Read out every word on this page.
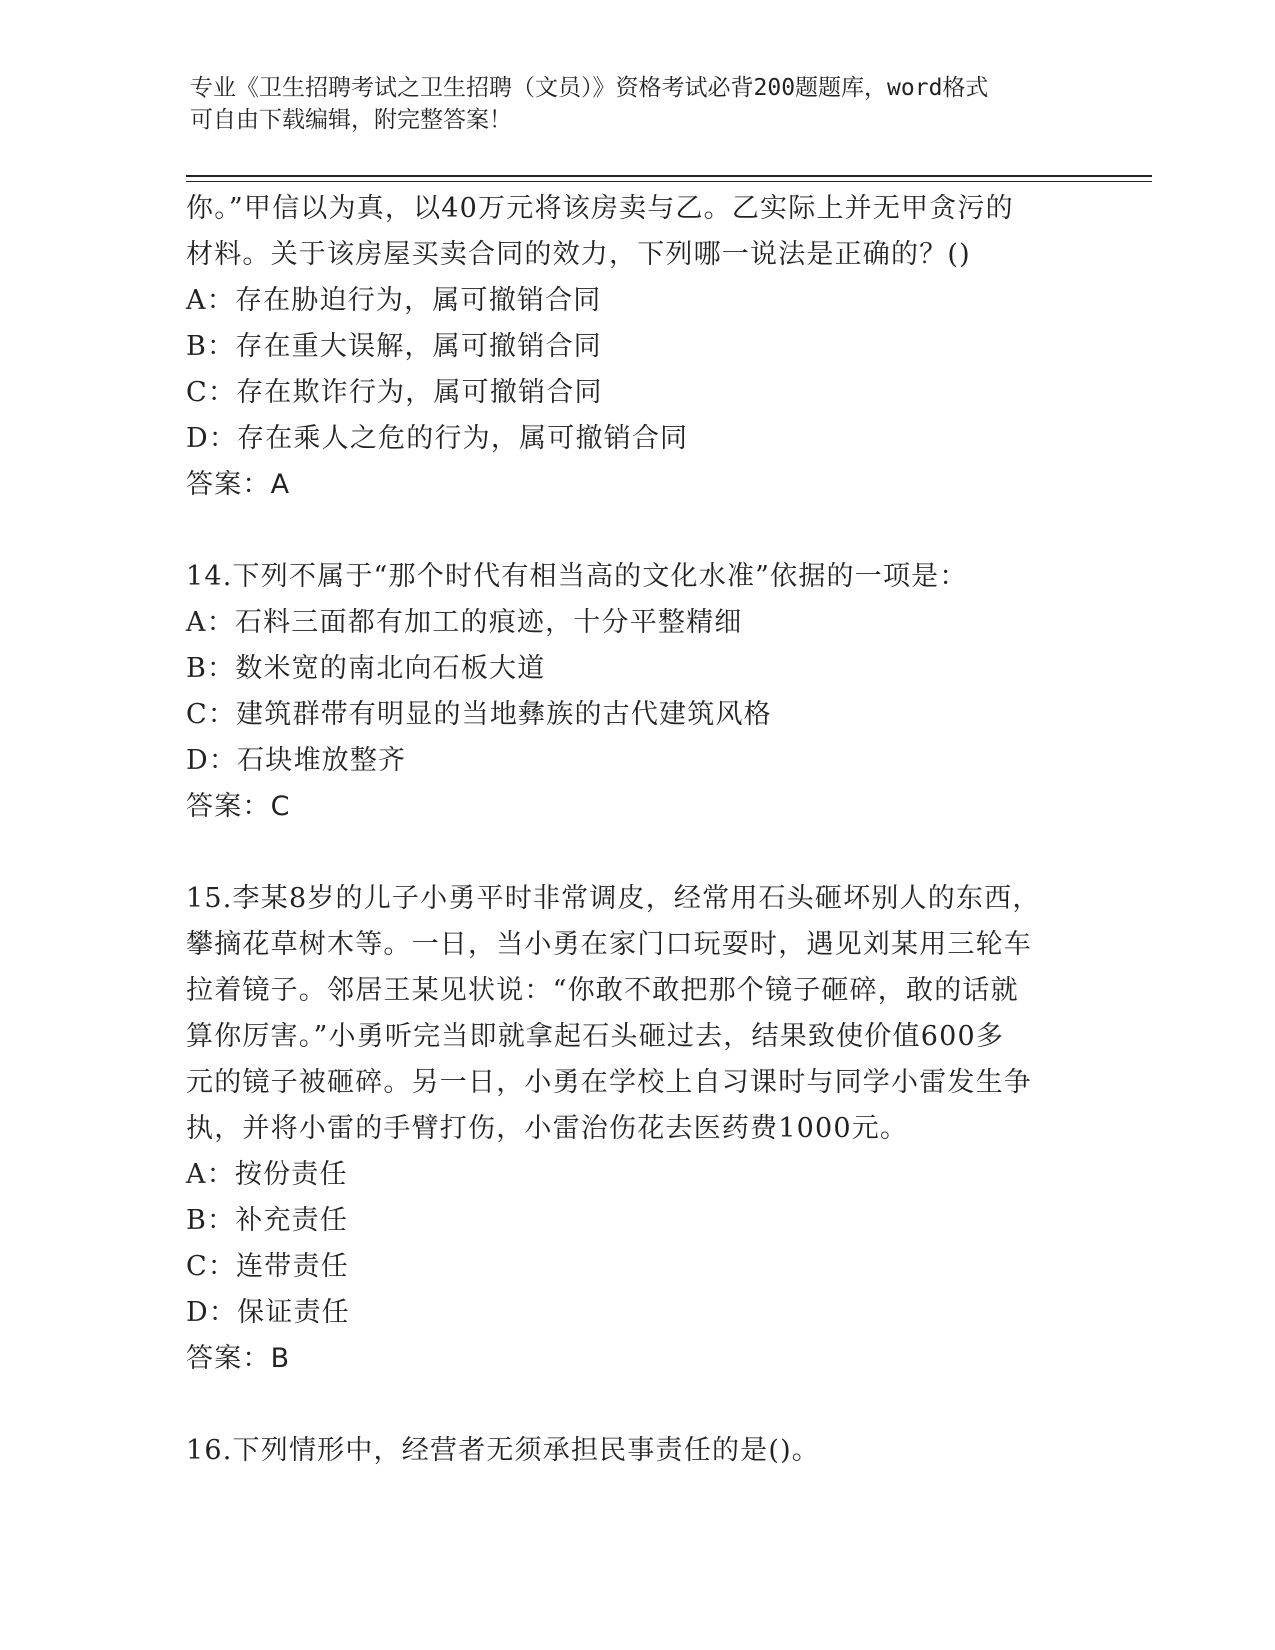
专业《卫生招聘考试之卫生招聘（文员）》资格考试必背200题题库，word格式
可自由下载编辑，附完整答案！
你。”甲信以为真，以40万元将该房卖与乙。乙实际上并无甲贪污的
材料。关于该房屋买卖合同的效力，下列哪一说法是正确的？()
A：存在胁迫行为，属可撤销合同
B：存在重大误解，属可撤销合同
C：存在欺诈行为，属可撤销合同
D：存在乘人之危的行为，属可撤销合同
答案：A
14.下列不属于“那个时代有相当高的文化水准”依据的一项是：
A：石料三面都有加工的痕迹，十分平整精细
B：数米宽的南北向石板大道
C：建筑群带有明显的当地彝族的古代建筑风格
D：石块堆放整齐
答案：C
15.李某8岁的儿子小勇平时非常调皮，经常用石头砸坏别人的东西，
攀摘花草树木等。一日，当小勇在家门口玩耍时，遇见刘某用三轮车
拉着镜子。邻居王某见状说：“你敢不敢把那个镜子砸碎，敢的话就
算你厉害。”小勇听完当即就拿起石头砸过去，结果致使价值600多
元的镜子被砸碎。另一日，小勇在学校上自习课时与同学小雷发生争
执，并将小雷的手臂打伤，小雷治伤花去医药费1000元。
A：按份责任
B：补充责任
C：连带责任
D：保证责任
答案：B
16.下列情形中，经营者无须承担民事责任的是()。
